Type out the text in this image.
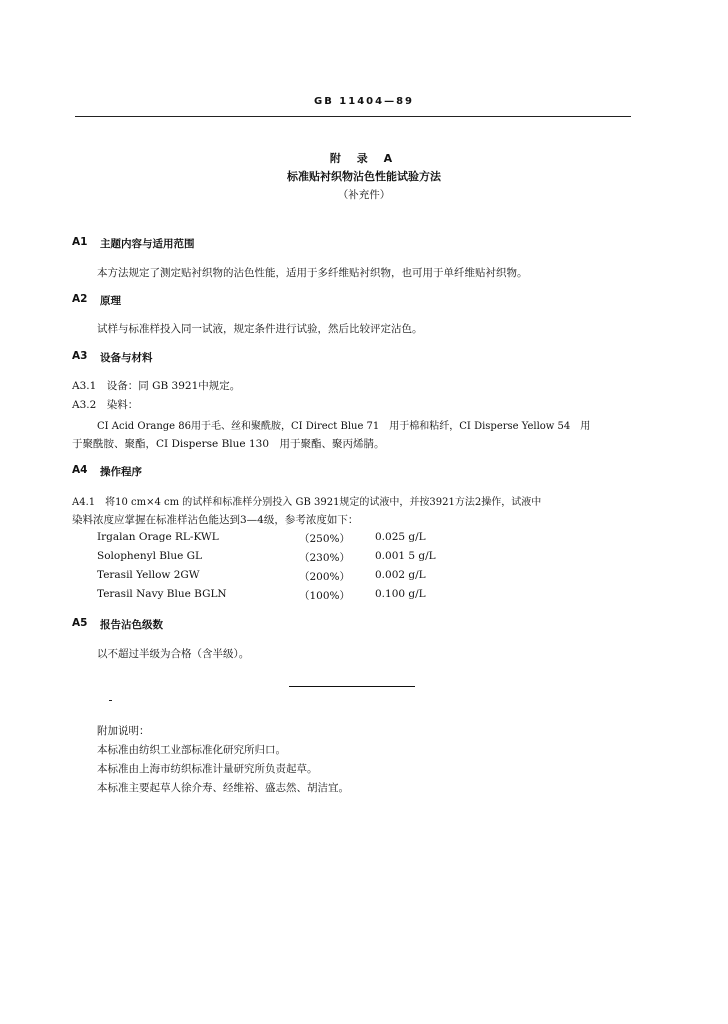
GB 11404—89
附 录 A
标准贴衬织物沾色性能试验方法
（补充件）
A1 主题内容与适用范围
本方法规定了测定贴衬织物的沾色性能，适用于多纤维贴衬织物，也可用于单纤维贴衬织物。
A2 原理
试样与标准样投入同一试液，规定条件进行试验，然后比较评定沾色。
A3 设备与材料
A3.1　设备：同 GB 3921中规定。
A3.2　染料：
CI Acid Orange 86用于毛、丝和聚酰胺，CI Direct Blue 71　用于棉和粘纤，CI Disperse Yellow 54　用
于聚酰胺、聚酯，CI Disperse Blue 130　用于聚酯、聚丙烯腈。
A4 操作程序
A4.1　将10 cm×4 cm 的试样和标准样分别投入 GB 3921规定的试液中，并按3921方法2操作，试液中
染料浓度应掌握在标准样沾色能达到3—4级，参考浓度如下：
Irgalan Orage RL-KWL	（250%） 0.025 g/L
Solophenyl Blue GL	（230%） 0.001 5 g/L
Terasil Yellow 2GW	（200%） 0.002 g/L
Terasil Navy Blue BGLN	（100%） 0.100 g/L
A5 报告沾色级数
以不超过半级为合格（含半级）。
附加说明：
本标准由纺织工业部标准化研究所归口。
本标准由上海市纺织标准计量研究所负责起草。
本标准主要起草人徐介寿、经维裕、盛志然、胡洁宜。
